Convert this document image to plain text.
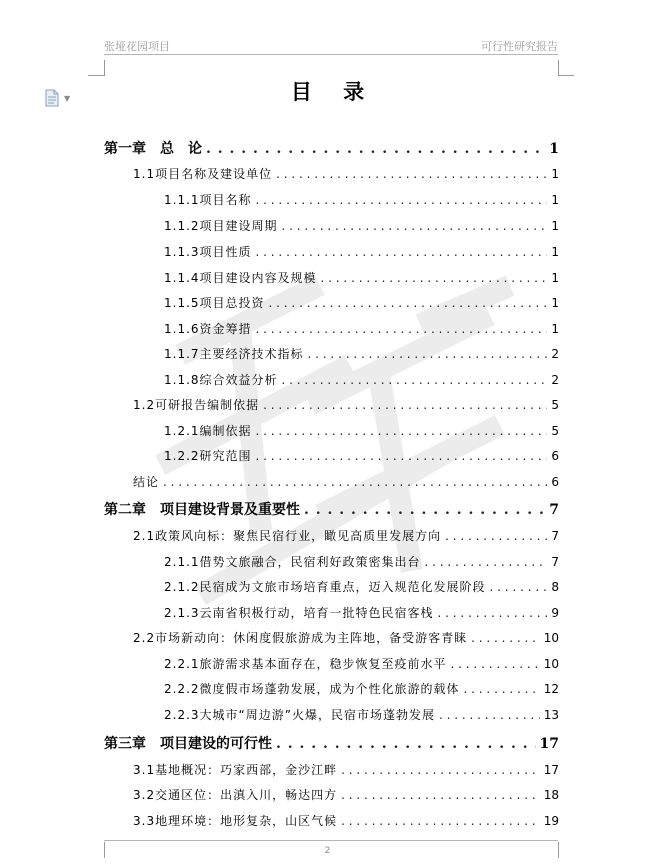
张垭花园项目	可行性研究报告
▼	目 录
第一章　总　论 . . .	1
1.1项目名称及建设单位 . . .	1
1.1.1项目名称 . . .	1
1.1.2项目建设周期 . . .	1
1.1.3项目性质 . . .	1
1.1.4项目建设内容及规模 . . .	1
1.1.5项目总投资 . . .	1
1.1.6资金筹措 . . .	1
1.1.7主要经济技术指标 . . .	2
1.1.8综合效益分析 . . .	2
1.2可研报告编制依据 . . .	5
1.2.1编制依据 . . .	5
1.2.2研究范围 . . .	6
结论 . . .	6
第二章　项目建设背景及重要性 . . .	7
2.1政策风向标：聚焦民宿行业，瞰见高质里发展方向 . . .	7
2.1.1借势文旅融合，民宿利好政策密集出台 . . .	7
2.1.2民宿成为文旅市场培育重点，迈入规范化发展阶段 . . .	8
2.1.3云南省积极行动，培育一批特色民宿客栈 . . .	9
2.2市场新动向：休闲度假旅游成为主阵地，备受游客青睐 . . .	10
2.2.1旅游需求基本面存在，稳步恢复至疫前水平 . . .	10
2.2.2微度假市场蓬勃发展，成为个性化旅游的载体 . . .	12
2.2.3大城市“周边游”火爆，民宿市场蓬勃发展 . . .	13
第三章　项目建设的可行性 . . .	17
3.1基地概况：巧家西部，金沙江畔 . . .	17
3.2交通区位：出滇入川，畅达四方 . . .	18
3.3地理环境：地形复杂，山区气候 . . .	19
2
